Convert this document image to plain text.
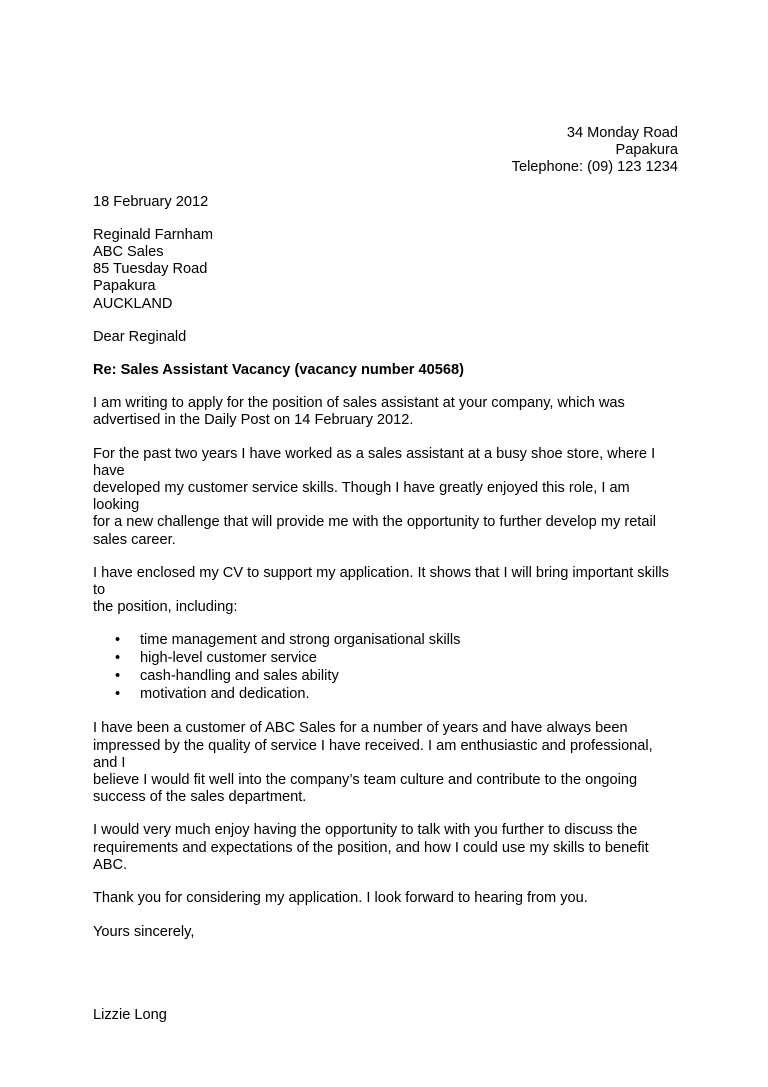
34 Monday Road
Papakura
Telephone: (09) 123 1234
18 February 2012
Reginald Farnham
ABC Sales
85 Tuesday Road
Papakura
AUCKLAND
Dear Reginald
Re: Sales Assistant Vacancy (vacancy number 40568)

I am writing to apply for the position of sales assistant at your company, which was
advertised in the Daily Post on 14 February 2012.

For the past two years I have worked as a sales assistant at a busy shoe store, where I have
developed my customer service skills. Though I have greatly enjoyed this role, I am looking
for a new challenge that will provide me with the opportunity to further develop my retail
sales career.

I have enclosed my CV to support my application. It shows that I will bring important skills to
the position, including:

• time management and strong organisational skills
• high-level customer service
• cash-handling and sales ability
• motivation and dedication.

I have been a customer of ABC Sales for a number of years and have always been
impressed by the quality of service I have received. I am enthusiastic and professional, and I
believe I would fit well into the company’s team culture and contribute to the ongoing
success of the sales department.

I would very much enjoy having the opportunity to talk with you further to discuss the
requirements and expectations of the position, and how I could use my skills to benefit ABC.

Thank you for considering my application. I look forward to hearing from you.

Yours sincerely,
Lizzie Long
